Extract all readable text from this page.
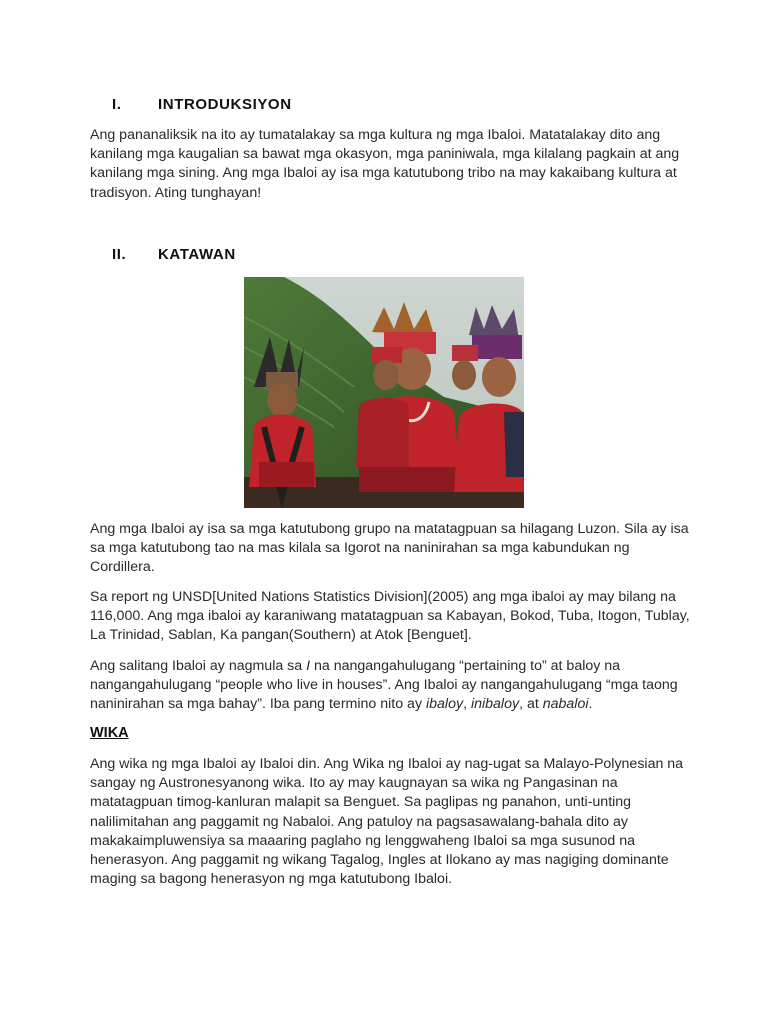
I. INTRODUKSIYON
Ang pananaliksik na ito ay tumatalakay sa mga kultura ng mga Ibaloi. Matatalakay dito ang kanilang mga kaugalian sa bawat mga okasyon, mga paniniwala, mga kilalang pagkain at ang kanilang mga sining. Ang mga Ibaloi ay isa mga katutubong tribo na may kakaibang kultura at tradisyon. Ating tunghayan!
II. KATAWAN
Ang mga Ibaloi ay isa sa mga katutubong grupo na matatagpuan sa hilagang Luzon. Sila ay isa sa mga katutubong tao na mas kilala sa Igorot na naninirahan sa mga kabundukan ng Cordillera.
Sa report ng UNSD[United Nations Statistics Division](2005) ang mga ibaloi ay may bilang na 116,000. Ang mga ibaloi ay karaniwang matatagpuan sa Kabayan, Bokod, Tuba, Itogon, Tublay, La Trinidad, Sablan, Ka pangan(Southern) at Atok [Benguet].
Ang salitang Ibaloi ay nagmula sa I na nangangahulugang “pertaining to” at baloy na nangangahulugang “people who live in houses”. Ang Ibaloi ay nangangahulugang “mga taong naninirahan sa mga bahay”. Iba pang termino nito ay ibaloy, inibaloy, at nabaloi.
WIKA
Ang wika ng mga Ibaloi ay Ibaloi din. Ang Wika ng Ibaloi ay nag-ugat sa Malayo-Polynesian na sangay ng Austronesyanong wika. Ito ay may kaugnayan sa wika ng Pangasinan na matatagpuan timog-kanluran malapit sa Benguet. Sa paglipas ng panahon, unti-unting nalilimitahan ang paggamit ng Nabaloi. Ang patuloy na pagsasawalang-bahala dito ay makakaimpluwensiya sa maaaring paglaho ng lenggwaheng Ibaloi sa mga susunod na henerasyon. Ang paggamit ng wikang Tagalog, Ingles at Ilokano ay mas nagiging dominante maging sa bagong henerasyon ng mga katutubong Ibaloi.
